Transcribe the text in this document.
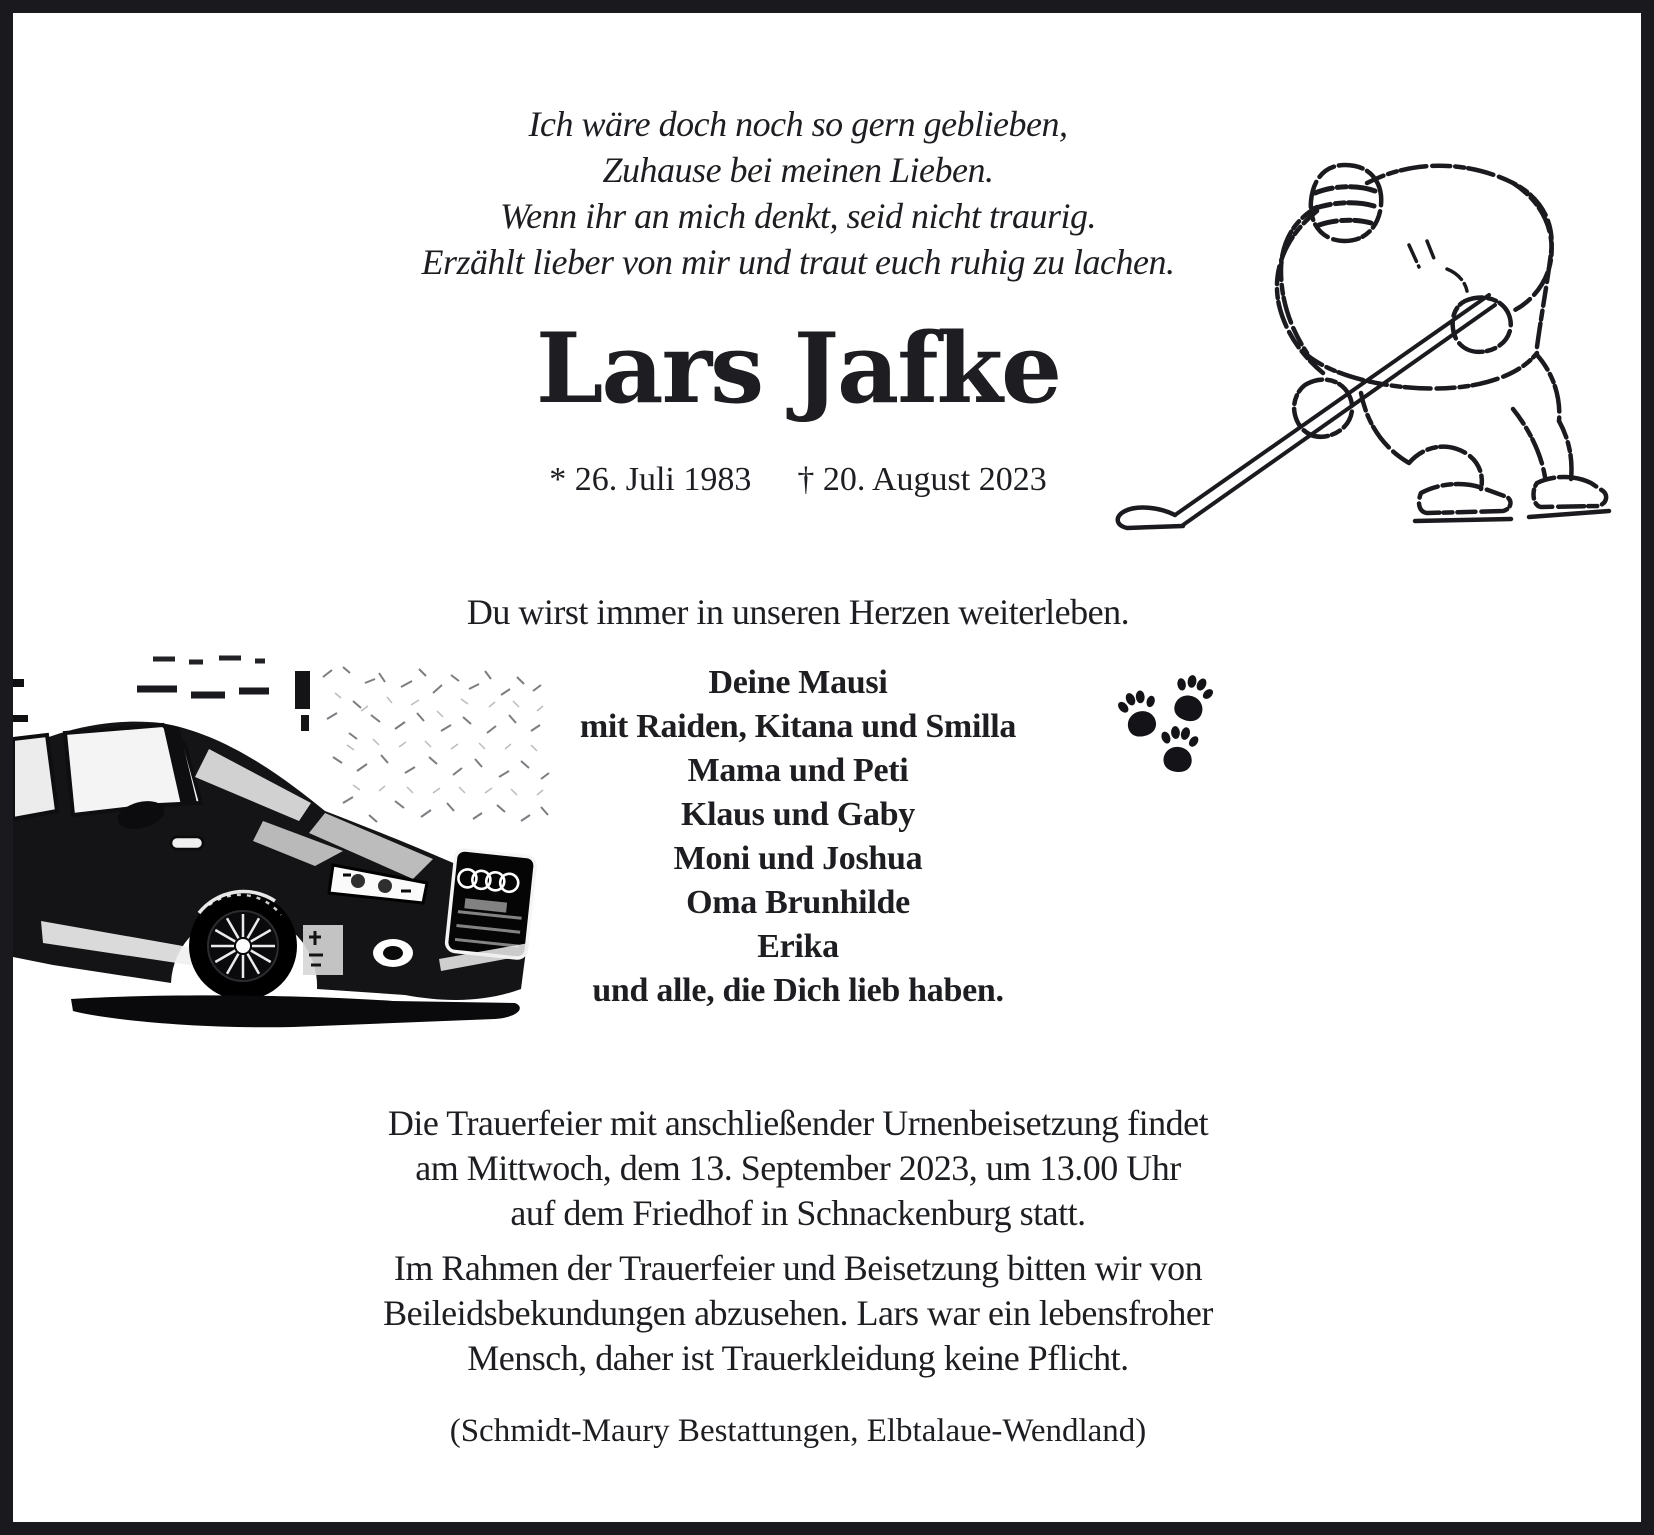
Ich wäre doch noch so gern geblieben,
Zuhause bei meinen Lieben.
Wenn ihr an mich denkt, seid nicht traurig.
Erzählt lieber von mir und traut euch ruhig zu lachen.
Lars Jafke
* 26. Juli 1983 † 20. August 2023
Du wirst immer in unseren Herzen weiterleben.
Deine Mausi
mit Raiden, Kitana und Smilla
Mama und Peti
Klaus und Gaby
Moni und Joshua
Oma Brunhilde
Erika
und alle, die Dich lieb haben.
Die Trauerfeier mit anschließender Urnenbeisetzung findet
am Mittwoch, dem 13. September 2023, um 13.00 Uhr
auf dem Friedhof in Schnackenburg statt.
Im Rahmen der Trauerfeier und Beisetzung bitten wir von
Beileidsbekundungen abzusehen. Lars war ein lebensfroher
Mensch, daher ist Trauerkleidung keine Pflicht.
(Schmidt-Maury Bestattungen, Elbtalaue-Wendland)
